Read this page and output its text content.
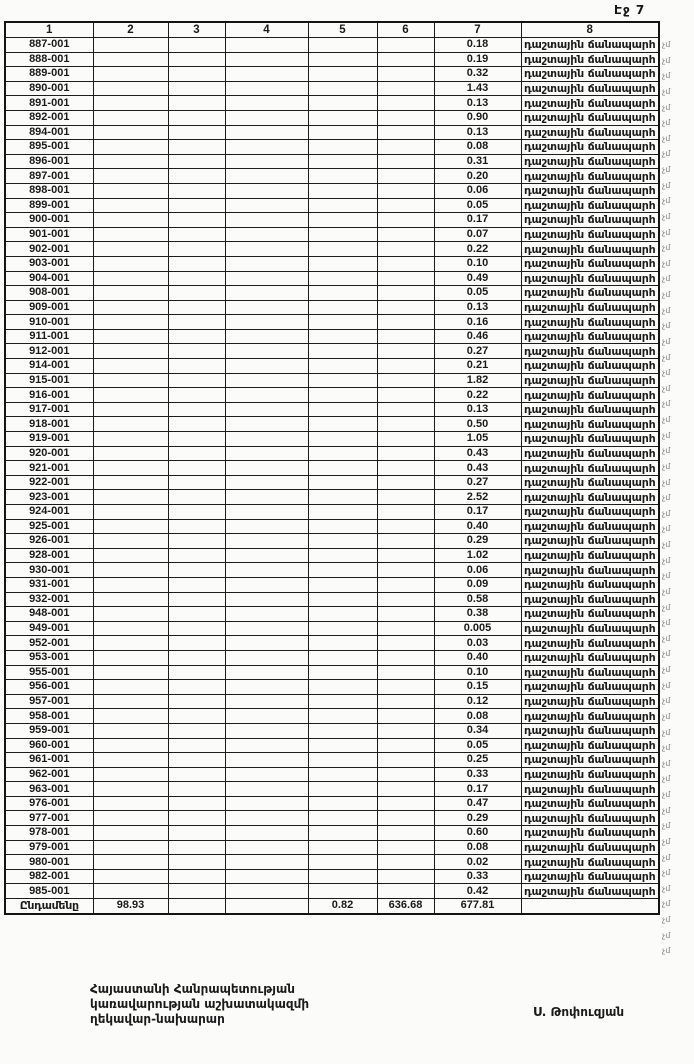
Էջ 7
1	2	3	4	5	6	7	8
887-001						0.18	դաշտային ճանապարհ
888-001						0.19	դաշտային ճանապարհ
889-001						0.32	դաշտային ճանապարհ
890-001						1.43	դաշտային ճանապարհ
891-001						0.13	դաշտային ճանապարհ
892-001						0.90	դաշտային ճանապարհ
894-001						0.13	դաշտային ճանապարհ
895-001						0.08	դաշտային ճանապարհ
896-001						0.31	դաշտային ճանապարհ
897-001						0.20	դաշտային ճանապարհ
898-001						0.06	դաշտային ճանապարհ
899-001						0.05	դաշտային ճանապարհ
900-001						0.17	դաշտային ճանապարհ
901-001						0.07	դաշտային ճանապարհ
902-001						0.22	դաշտային ճանապարհ
903-001						0.10	դաշտային ճանապարհ
904-001						0.49	դաշտային ճանապարհ
908-001						0.05	դաշտային ճանապարհ
909-001						0.13	դաշտային ճանապարհ
910-001						0.16	դաշտային ճանապարհ
911-001						0.46	դաշտային ճանապարհ
912-001						0.27	դաշտային ճանապարհ
914-001						0.21	դաշտային ճանապարհ
915-001						1.82	դաշտային ճանապարհ
916-001						0.22	դաշտային ճանապարհ
917-001						0.13	դաշտային ճանապարհ
918-001						0.50	դաշտային ճանապարհ
919-001						1.05	դաշտային ճանապարհ
920-001						0.43	դաշտային ճանապարհ
921-001						0.43	դաշտային ճանապարհ
922-001						0.27	դաշտային ճանապարհ
923-001						2.52	դաշտային ճանապարհ
924-001						0.17	դաշտային ճանապարհ
925-001						0.40	դաշտային ճանապարհ
926-001						0.29	դաշտային ճանապարհ
928-001						1.02	դաշտային ճանապարհ
930-001						0.06	դաշտային ճանապարհ
931-001						0.09	դաշտային ճանապարհ
932-001						0.58	դաշտային ճանապարհ
948-001						0.38	դաշտային ճանապարհ
949-001						0.005	դաշտային ճանապարհ
952-001						0.03	դաշտային ճանապարհ
953-001						0.40	դաշտային ճանապարհ
955-001						0.10	դաշտային ճանապարհ
956-001						0.15	դաշտային ճանապարհ
957-001						0.12	դաշտային ճանապարհ
958-001						0.08	դաշտային ճանապարհ
959-001						0.34	դաշտային ճանապարհ
960-001						0.05	դաշտային ճանապարհ
961-001						0.25	դաշտային ճանապարհ
962-001						0.33	դաշտային ճանապարհ
963-001						0.17	դաշտային ճանապարհ
976-001						0.47	դաշտային ճանապարհ
977-001						0.29	դաշտային ճանապարհ
978-001						0.60	դաշտային ճանապարհ
979-001						0.08	դաշտային ճանապարհ
980-001						0.02	դաշտային ճանապարհ
982-001						0.33	դաշտային ճանապարհ
985-001						0.42	դաշտային ճանապարհ
Ընդամենը	98.93			0.82	636.68	677.81	
չմ
չմ
չմ
չմ
չմ
չմ
չմ
չմ
չմ
չմ
չմ
չմ
չմ
չմ
չմ
չմ
չմ
չմ
չմ
չմ
չմ
չմ
չմ
չմ
չմ
չմ
չմ
չմ
չմ
չմ
չմ
չմ
չմ
չմ
չմ
չմ
չմ
չմ
չմ
չմ
չմ
չմ
չմ
չմ
չմ
չմ
չմ
չմ
չմ
չմ
չմ
չմ
չմ
չմ
չմ
չմ
չմ
չմ
չմ
Հայաստանի Հանրապետության
կառավարության աշխատակազմի
ղեկավար-նախարար	Ս. Թոփուզյան
